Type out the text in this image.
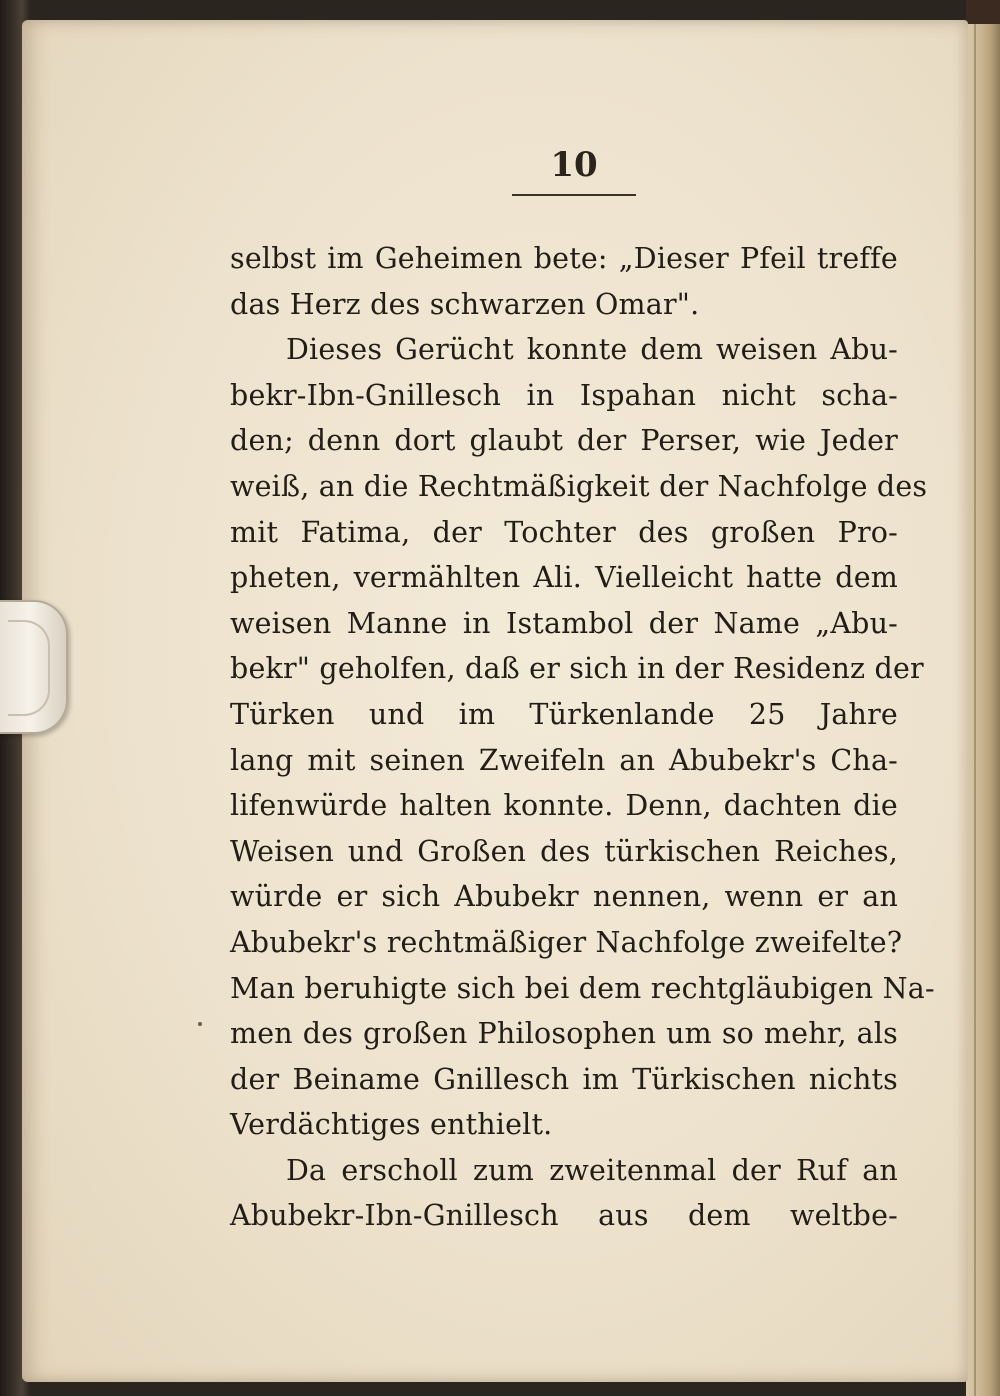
10
selbst im Geheimen bete: „Dieser Pfeil treffe
das Herz des schwarzen Omar".
Dieses Gerücht konnte dem weisen Abu-
bekr-Ibn-Gnillesch in Ispahan nicht scha-
den; denn dort glaubt der Perser, wie Jeder
weiß, an die Rechtmäßigkeit der Nachfolge des
mit Fatima, der Tochter des großen Pro-
pheten, vermählten Ali. Vielleicht hatte dem
weisen Manne in Istambol der Name „Abu-
bekr" geholfen, daß er sich in der Residenz der
Türken und im Türkenlande 25 Jahre
lang mit seinen Zweifeln an Abubekr's Cha-
lifenwürde halten konnte. Denn, dachten die
Weisen und Großen des türkischen Reiches,
würde er sich Abubekr nennen, wenn er an
Abubekr's rechtmäßiger Nachfolge zweifelte?
Man beruhigte sich bei dem rechtgläubigen Na-
men des großen Philosophen um so mehr, als
der Beiname Gnillesch im Türkischen nichts
Verdächtiges enthielt.
Da erscholl zum zweitenmal der Ruf an
Abubekr-Ibn-Gnillesch aus dem weltbe-
